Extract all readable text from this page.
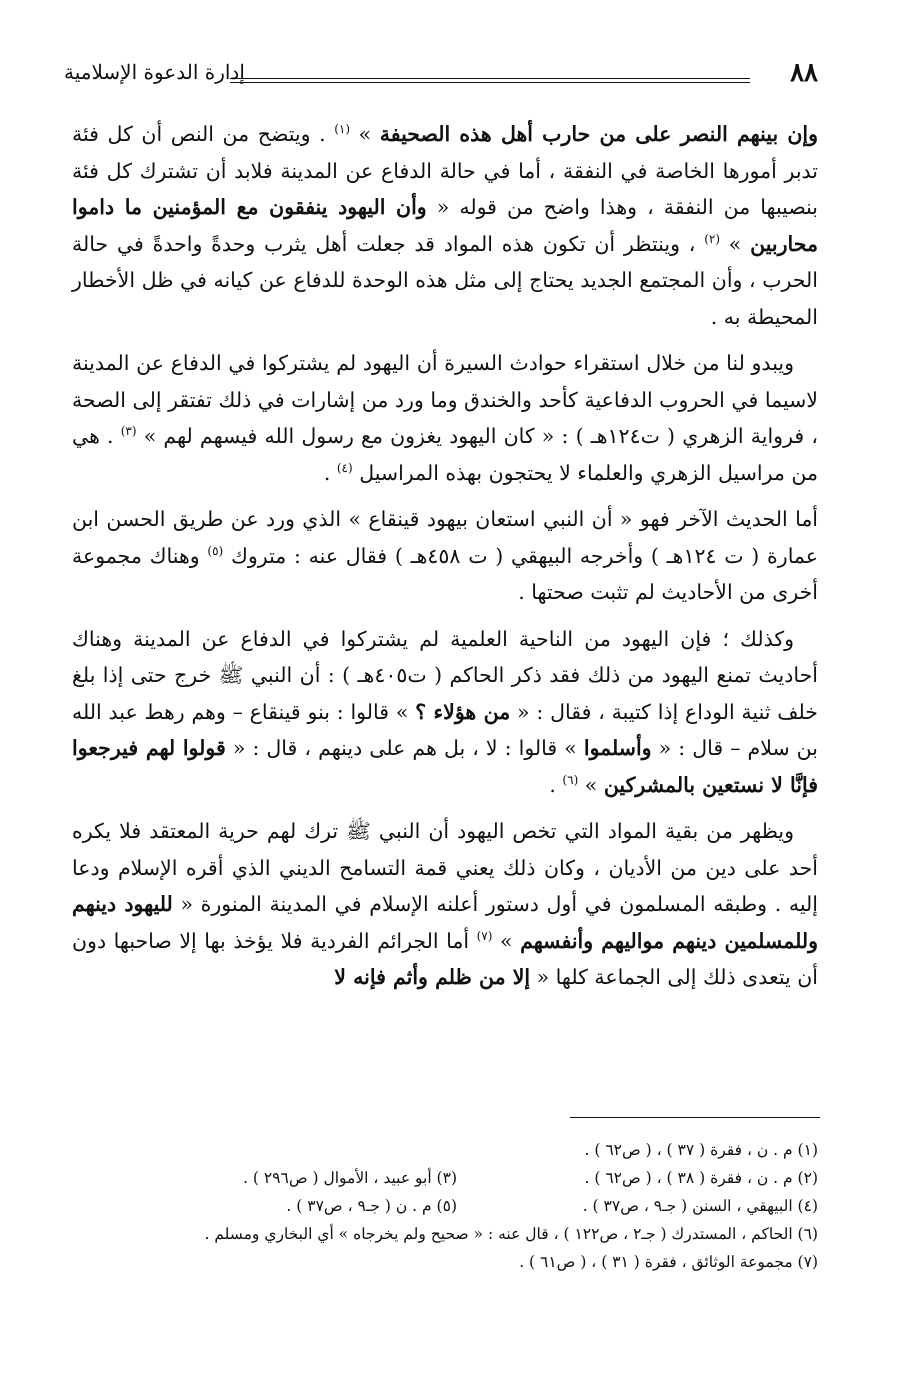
إدارة الدعوة الإسلامية	٨٨

وإن بينهم النصر على من حارب أهل هذه الصحيفة » $^{(١)}$ . ويتضح من النص أن كل فئة تدبر أمورها الخاصة في النفقة ، أما في حالة الدفاع عن المدينة فلابد أن تشترك كل فئة بنصيبها من النفقة ، وهذا واضح من قوله « وأن اليهود ينفقون مع المؤمنين ما داموا محاربين » $^{(٢)}$ ، وينتظر أن تكون هذه المواد قد جعلت أهل يثرب وحدةً واحدةً في حالة الحرب ، وأن المجتمع الجديد يحتاج إلى مثل هذه الوحدة للدفاع عن كيانه في ظل الأخطار المحيطة به .

ويبدو لنا من خلال استقراء حوادث السيرة أن اليهود لم يشتركوا في الدفاع عن المدينة لاسيما في الحروب الدفاعية كأحد والخندق وما ورد من إشارات في ذلك تفتقر إلى الصحة ، فرواية الزهري ( ت١٢٤هـ ) : « كان اليهود يغزون مع رسول الله فيسهم لهم » $^{(٣)}$ . هي من مراسيل الزهري والعلماء لا يحتجون بهذه المراسيل $^{(٤)}$ .

أما الحديث الآخر فهو « أن النبي استعان بيهود قينقاع » الذي ورد عن طريق الحسن ابن عمارة ( ت ١٢٤هـ ) وأخرجه البيهقي ( ت ٤٥٨هـ ) فقال عنه : متروك $^{(٥)}$ وهناك مجموعة أخرى من الأحاديث لم تثبت صحتها .

وكذلك ؛ فإن اليهود من الناحية العلمية لم يشتركوا في الدفاع عن المدينة وهناك أحاديث تمنع اليهود من ذلك فقد ذكر الحاكم ( ت٤٠٥هـ ) : أن النبي ﷺ خرج حتى إذا بلغ خلف ثنية الوداع إذا كتيبة ، فقال : « من هؤلاء ؟ » قالوا : بنو قينقاع – وهم رهط عبد الله بن سلام – قال : « وأسلموا » قالوا : لا ، بل هم على دينهم ، قال : « قولوا لهم فيرجعوا فإنَّا لا نستعين بالمشركين » $^{(٦)}$ .

ويظهر من بقية المواد التي تخص اليهود أن النبي ﷺ ترك لهم حرية المعتقد فلا يكره أحد على دين من الأديان ، وكان ذلك يعني قمة التسامح الديني الذي أقره الإسلام ودعا إليه . وطبقه المسلمون في أول دستور أعلنه الإسلام في المدينة المنورة « لليهود دينهم وللمسلمين دينهم مواليهم وأنفسهم » $^{(٧)}$ أما الجرائم الفردية فلا يؤخذ بها إلا صاحبها دون أن يتعدى ذلك إلى الجماعة كلها « إلا من ظلم وأثم فإنه لا

(١) م . ن ، فقرة ( ٣٧ ) ، ( ص٦٢ ) .
(٢) م . ن ، فقرة ( ٣٨ ) ، ( ص٦٢ ) .
(٣) أبو عبيد ، الأموال ( ص٢٩٦ ) .
(٤) البيهقي ، السنن ( جـ٩ ، ص٣٧ ) .
(٥) م . ن ( جـ٩ ، ص٣٧ ) .
(٦) الحاكم ، المستدرك ( جـ٢ ، ص١٢٢ ) ، قال عنه : « صحيح ولم يخرجاه » أي البخاري ومسلم .
(٧) مجموعة الوثائق ، فقرة ( ٣١ ) ، ( ص٦١ ) .
